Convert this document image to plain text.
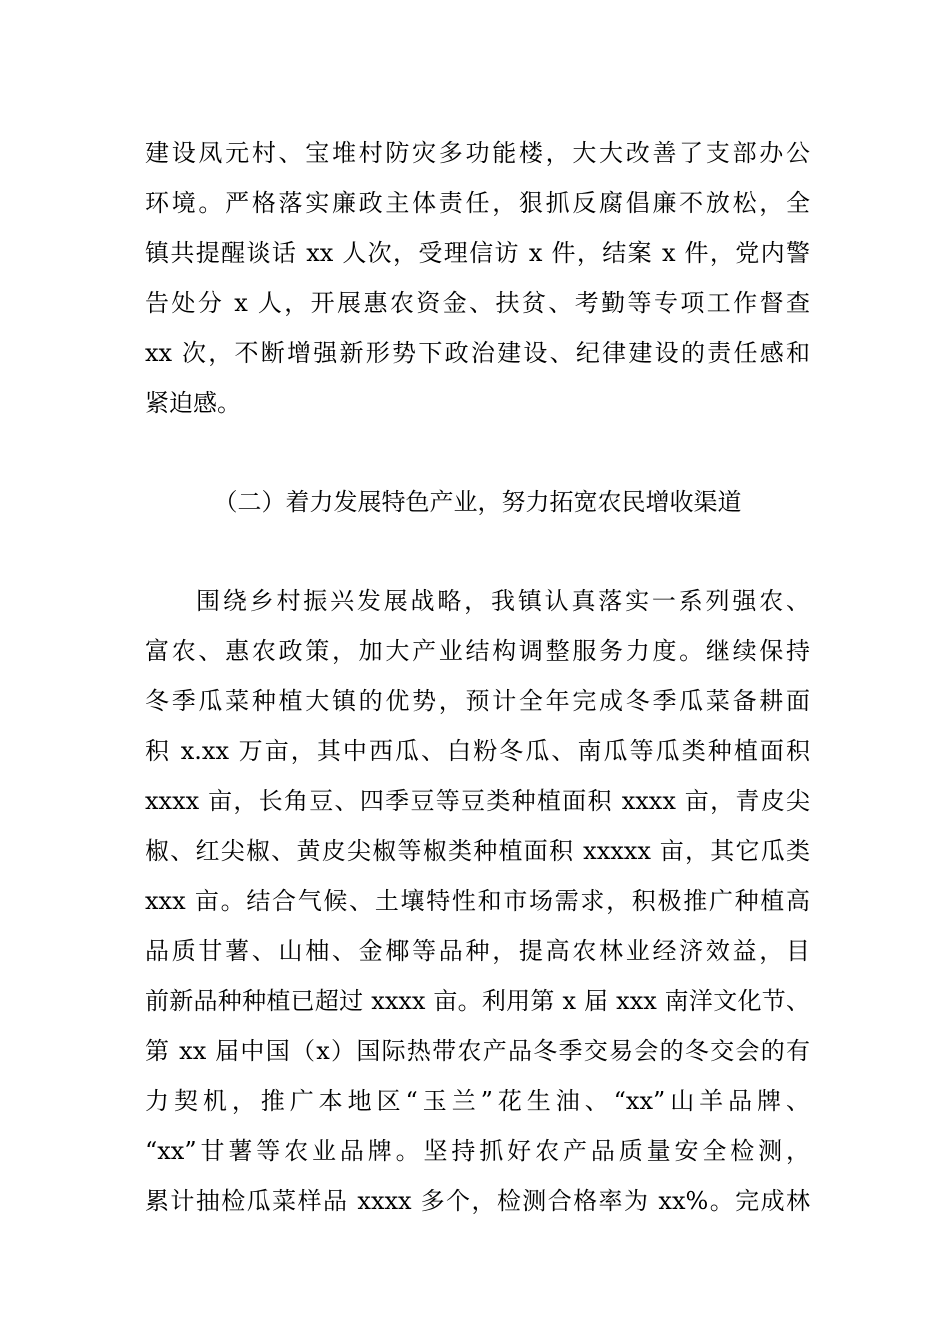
建设凤元村、宝堆村防灾多功能楼，大大改善了支部办公
环境。严格落实廉政主体责任，狠抓反腐倡廉不放松，全
镇共提醒谈话 xx 人次，受理信访 x 件，结案 x 件，党内警
告处分 x 人，开展惠农资金、扶贫、考勤等专项工作督查
xx 次，不断增强新形势下政治建设、纪律建设的责任感和
紧迫感。
（二）着力发展特色产业，努力拓宽农民增收渠道
围绕乡村振兴发展战略，我镇认真落实一系列强农、
富农、惠农政策，加大产业结构调整服务力度。继续保持
冬季瓜菜种植大镇的优势，预计全年完成冬季瓜菜备耕面
积 x.xx 万亩，其中西瓜、白粉冬瓜、南瓜等瓜类种植面积
xxxx 亩，长角豆、四季豆等豆类种植面积 xxxx 亩，青皮尖
椒、红尖椒、黄皮尖椒等椒类种植面积 xxxxx 亩，其它瓜类
xxx 亩。结合气候、土壤特性和市场需求，积极推广种植高
品质甘薯、山柚、金椰等品种，提高农林业经济效益，目
前新品种种植已超过 xxxx 亩。利用第 x 届 xxx 南洋文化节、
第 xx 届中国（x）国际热带农产品冬季交易会的冬交会的有
力契机，推广本地区“玉兰”花生油、“xx”山羊品牌、
“xx”甘薯等农业品牌。坚持抓好农产品质量安全检测，
累计抽检瓜菜样品 xxxx 多个，检测合格率为 xx%。完成林
